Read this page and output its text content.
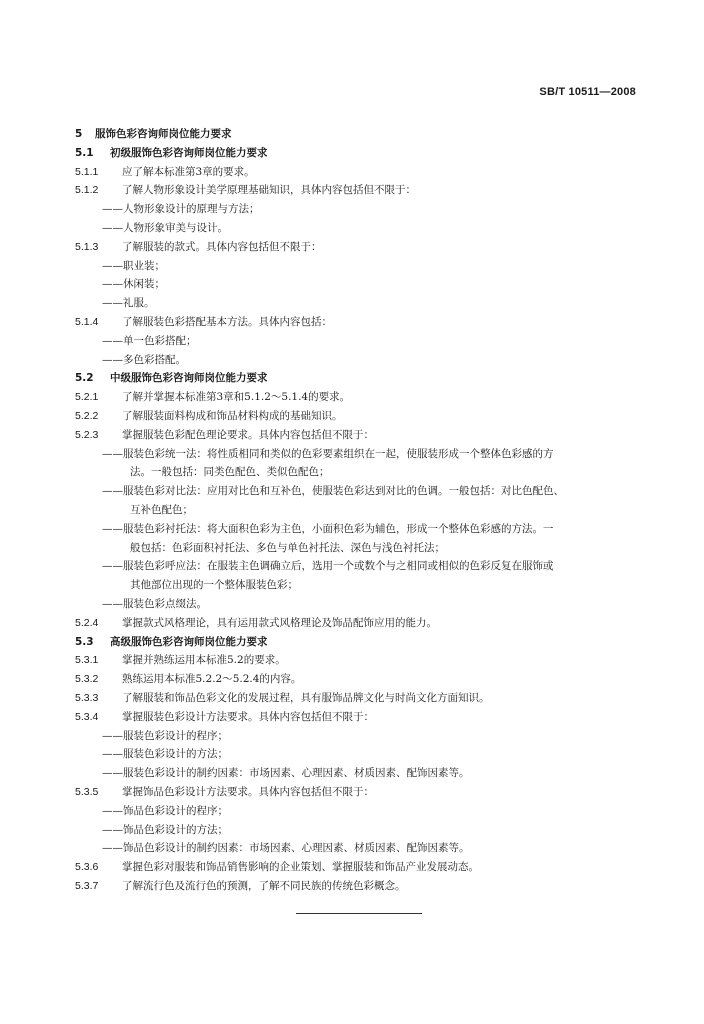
SB/T 10511—2008
5 服饰色彩咨询师岗位能力要求
5.1 初级服饰色彩咨询师岗位能力要求
5.1.1 应了解本标准第3章的要求。
5.1.2 了解人物形象设计美学原理基础知识，具体内容包括但不限于：
——人物形象设计的原理与方法；
——人物形象审美与设计。
5.1.3 了解服装的款式。具体内容包括但不限于：
——职业装；
——休闲装；
——礼服。
5.1.4 了解服装色彩搭配基本方法。具体内容包括：
——单一色彩搭配；
——多色彩搭配。
5.2 中级服饰色彩咨询师岗位能力要求
5.2.1 了解并掌握本标准第3章和5.1.2～5.1.4的要求。
5.2.2 了解服装面料构成和饰品材料构成的基础知识。
5.2.3 掌握服装色彩配色理论要求。具体内容包括但不限于：
——服装色彩统一法：将性质相同和类似的色彩要素组织在一起，使服装形成一个整体色彩感的方
法。一般包括：同类色配色、类似色配色；
——服装色彩对比法：应用对比色和互补色，使服装色彩达到对比的色调。一般包括：对比色配色、
互补色配色；
——服装色彩衬托法：将大面积色彩为主色，小面积色彩为辅色，形成一个整体色彩感的方法。一
般包括：色彩面积衬托法、多色与单色衬托法、深色与浅色衬托法；
——服装色彩呼应法：在服装主色调确立后，选用一个或数个与之相同或相似的色彩反复在服饰或
其他部位出现的一个整体服装色彩；
——服装色彩点缀法。
5.2.4 掌握款式风格理论，具有运用款式风格理论及饰品配饰应用的能力。
5.3 高级服饰色彩咨询师岗位能力要求
5.3.1 掌握并熟练运用本标准5.2的要求。
5.3.2 熟练运用本标准5.2.2～5.2.4的内容。
5.3.3 了解服装和饰品色彩文化的发展过程，具有服饰品牌文化与时尚文化方面知识。
5.3.4 掌握服装色彩设计方法要求。具体内容包括但不限于：
——服装色彩设计的程序；
——服装色彩设计的方法；
——服装色彩设计的制约因素：市场因素、心理因素、材质因素、配饰因素等。
5.3.5 掌握饰品色彩设计方法要求。具体内容包括但不限于：
——饰品色彩设计的程序；
——饰品色彩设计的方法；
——饰品色彩设计的制约因素：市场因素、心理因素、材质因素、配饰因素等。
5.3.6 掌握色彩对服装和饰品销售影响的企业策划、掌握服装和饰品产业发展动态。
5.3.7 了解流行色及流行色的预测，了解不同民族的传统色彩概念。
